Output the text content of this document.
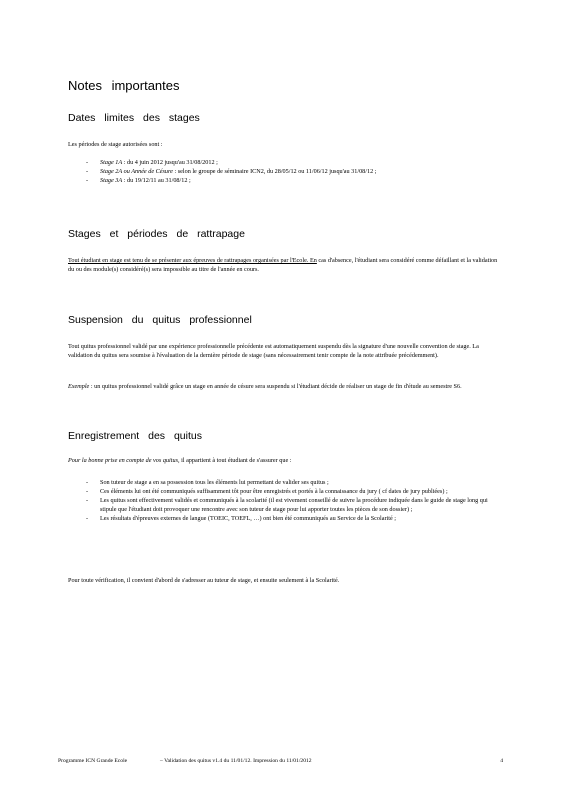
Notes importantes
Dates limites des stages

Les périodes de stage autorisées sont :

- Stage 1A : du 4 juin 2012 jusqu'au 31/08/2012 ;
- Stage 2A ou Année de Césure : selon le groupe de séminaire ICN2, du 28/05/12 ou 11/06/12 jusqu'au 31/08/12 ;
- Stage 3A : du 19/12/11 au 31/08/12 ;
Stages et périodes de rattrapage

Tout étudiant en stage est tenu de se présenter aux épreuves de rattrapages organisées par l'Ecole. En cas d'absence, l'étudiant sera considéré comme défaillant et la validation du ou des module(s) considéré(s) sera impossible au titre de l'année en cours.

Suspension du quitus professionnel

Tout quitus professionnel validé par une expérience professionnelle précédente est automatiquement suspendu dès la signature d'une nouvelle convention de stage. La validation du quitus sera soumise à l'évaluation de la dernière période de stage (sans nécessairement tenir compte de la note attribuée précédemment).

Exemple : un quitus professionnel validé grâce un stage en année de césure sera suspendu si l'étudiant décide de réaliser un stage de fin d'étude au semestre S6.

Enregistrement des quitus

Pour la bonne prise en compte de vos quitus, il appartient à tout étudiant de s'assurer que :

- Son tuteur de stage a en sa possession tous les éléments lui permettant de valider ses quitus ;
- Ces éléments lui ont été communiqués suffisamment tôt pour être enregistrés et portés à la connaissance du jury ( cf dates de jury publiées) ;
- Les quitus sont effectivement validés et communiqués à la scolarité (il est vivement conseillé de suivre la procédure indiquée dans le guide de stage long qui stipule que l'étudiant doit provoquer une rencontre avec son tuteur de stage pour lui apporter toutes les pièces de son dossier) ;
- Les résultats d'épreuves externes de langue (TOEIC, TOEFL, …) ont bien été communiqués au Service de la Scolarité ;

Pour toute vérification, il convient d'abord de s'adresser au tuteur de stage, et ensuite seulement à la Scolarité.

Programme ICN Grande Ecole	– Validation des quitus v1.4 du 11/01/12. Impression du 11/01/2012	4
